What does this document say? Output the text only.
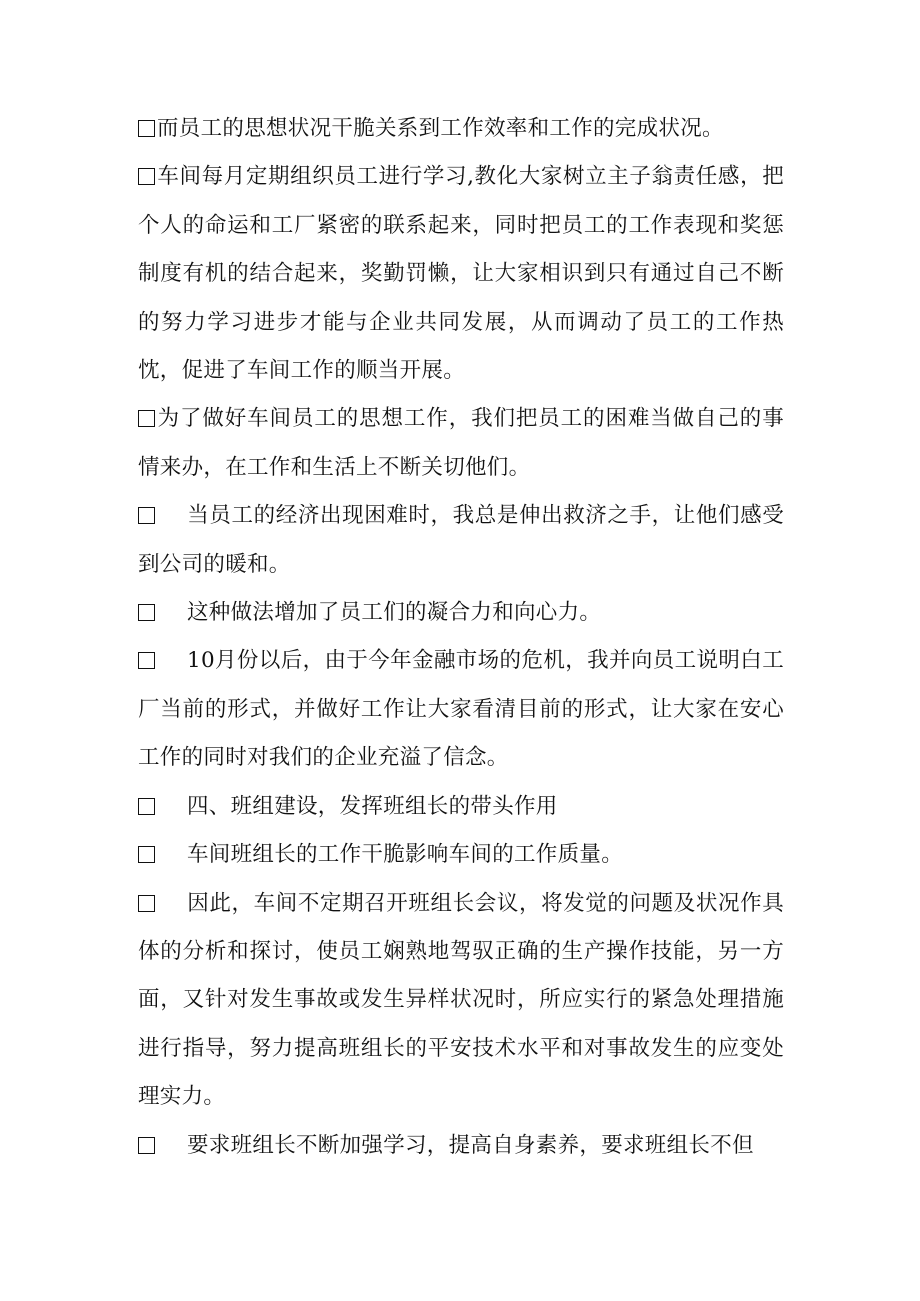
而员工的思想状况干脆关系到工作效率和工作的完成状况。

车间每月定期组织员工进行学习,教化大家树立主子翁责任感，把个人的命运和工厂紧密的联系起来，同时把员工的工作表现和奖惩制度有机的结合起来，奖勤罚懒，让大家相识到只有通过自己不断的努力学习进步才能与企业共同发展，从而调动了员工的工作热忱，促进了车间工作的顺当开展。

为了做好车间员工的思想工作，我们把员工的困难当做自己的事情来办，在工作和生活上不断关切他们。

当员工的经济出现困难时，我总是伸出救济之手，让他们感受到公司的暖和。

这种做法增加了员工们的凝合力和向心力。

10月份以后，由于今年金融市场的危机，我并向员工说明白工厂当前的形式，并做好工作让大家看清目前的形式，让大家在安心工作的同时对我们的企业充溢了信念。

四、班组建设，发挥班组长的带头作用

车间班组长的工作干脆影响车间的工作质量。

因此，车间不定期召开班组长会议，将发觉的问题及状况作具体的分析和探讨，使员工娴熟地驾驭正确的生产操作技能，另一方面，又针对发生事故或发生异样状况时，所应实行的紧急处理措施进行指导，努力提高班组长的平安技术水平和对事故发生的应变处理实力。

要求班组长不断加强学习，提高自身素养，要求班组长不但
